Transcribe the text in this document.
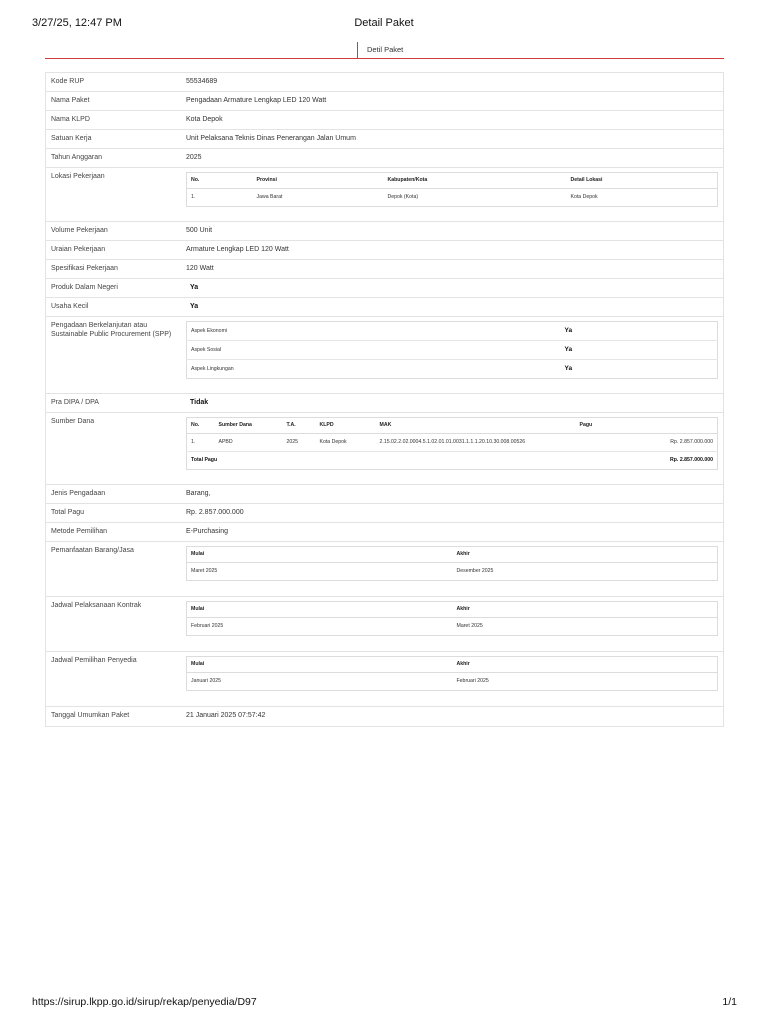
3/27/25, 12:47 PM	Detail Paket
Detil Paket
Kode RUP	55534689
Nama Paket	Pengadaan Armature Lengkap LED 120 Watt
Nama KLPD	Kota Depok
Satuan Kerja	Unit Pelaksana Teknis Dinas Penerangan Jalan Umum
Tahun Anggaran	2025
Lokasi Pekerjaan
No.	Provinsi	Kabupaten/Kota	Detail Lokasi
1.	Jawa Barat	Depok (Kota)	Kota Depok
Volume Pekerjaan	500 Unit
Uraian Pekerjaan	Armature Lengkap LED 120 Watt
Spesifikasi Pekerjaan	120 Watt
Produk Dalam Negeri	Ya
Usaha Kecil	Ya
Pengadaan Berkelanjutan atau Sustainable Public Procurement (SPP)	Aspek Ekonomi	Ya
Aspek Sosial	Ya
Aspek Lingkungan	Ya
Pra DIPA / DPA	Tidak
Sumber Dana
No.	Sumber Dana	T.A.	KLPD	MAK	Pagu
1.	APBD	2025	Kota Depok	2.15.02.2.02.0004.5.1.02.01.01.0031.1.1.1.20.10.30.008.00526	Rp. 2.857.000.000
Total Pagu					Rp. 2.857.000.000
Jenis Pengadaan	Barang,
Total Pagu	Rp. 2.857.000.000
Metode Pemilihan	E-Purchasing
Pemanfaatan Barang/Jasa
Mulai	Akhir
Maret 2025	Desember 2025
Jadwal Pelaksanaan Kontrak
Mulai	Akhir
Februari 2025	Maret 2025
Jadwal Pemilihan Penyedia
Mulai	Akhir
Januari 2025	Februari 2025
Tanggal Umumkan Paket	21 Januari 2025 07:57:42
https://sirup.lkpp.go.id/sirup/rekap/penyedia/D97	1/1
